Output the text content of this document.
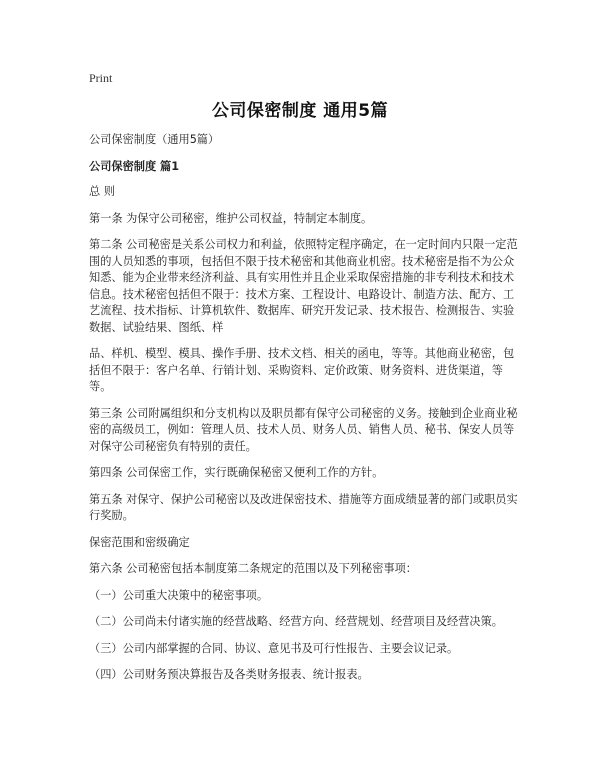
Print
公司保密制度 通用5篇

公司保密制度（通用5篇）

公司保密制度 篇1

总 则

第一条 为保守公司秘密，维护公司权益，特制定本制度。

第二条 公司秘密是关系公司权力和利益，依照特定程序确定，在一定时间内只限一定范围的人员知悉的事项，包括但不限于技术秘密和其他商业机密。技术秘密是指不为公众知悉、能为企业带来经济利益、具有实用性并且企业采取保密措施的非专利技术和技术信息。技术秘密包括但不限于：技术方案、工程设计、电路设计、制造方法、配方、工艺流程、技术指标、计算机软件、数据库、研究开发记录、技术报告、检测报告、实验数据、试验结果、图纸、样

品、样机、模型、模具、操作手册、技术文档、相关的函电，等等。其他商业秘密，包括但不限于：客户名单、行销计划、采购资料、定价政策、财务资料、进货渠道，等等。

第三条 公司附属组织和分支机构以及职员都有保守公司秘密的义务。接触到企业商业秘密的高级员工，例如：管理人员、技术人员、财务人员、销售人员、秘书、保安人员等对保守公司秘密负有特别的责任。

第四条 公司保密工作，实行既确保秘密又便利工作的方针。

第五条 对保守、保护公司秘密以及改进保密技术、措施等方面成绩显著的部门或职员实行奖励。

保密范围和密级确定

第六条 公司秘密包括本制度第二条规定的范围以及下列秘密事项：

（一）公司重大决策中的秘密事项。

（二）公司尚未付诸实施的经营战略、经营方向、经营规划、经营项目及经营决策。

（三）公司内部掌握的合同、协议、意见书及可行性报告、主要会议记录。

（四）公司财务预决算报告及各类财务报表、统计报表。
